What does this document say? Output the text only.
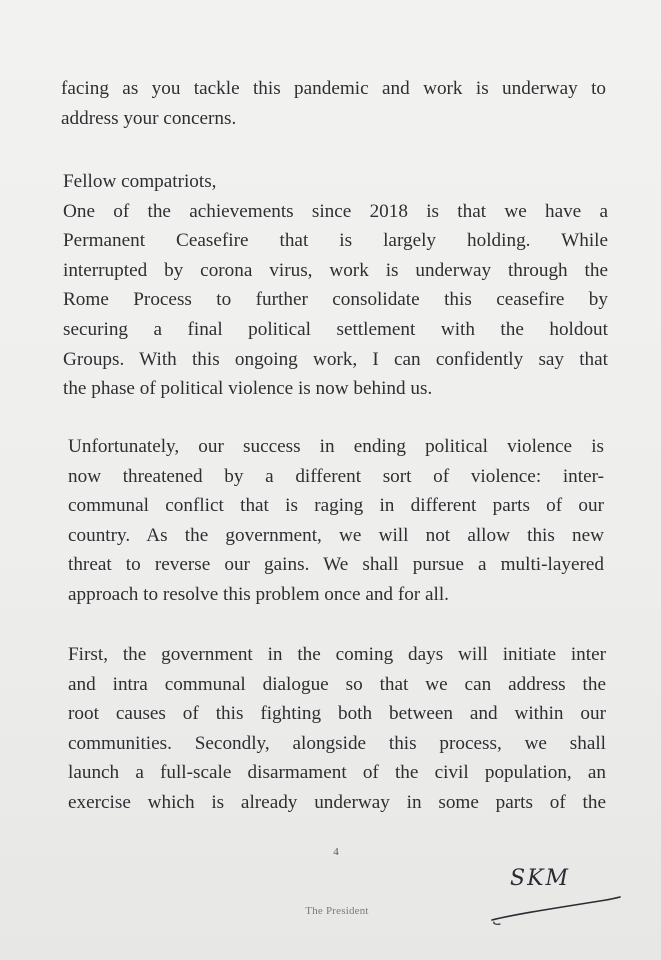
facing as you tackle this pandemic and work is underway to
address your concerns.
Fellow compatriots,
One of the achievements since 2018 is that we have a
Permanent Ceasefire that is largely holding. While
interrupted by corona virus, work is underway through the
Rome Process to further consolidate this ceasefire by
securing a final political settlement with the holdout
Groups. With this ongoing work, I can confidently say that
the phase of political violence is now behind us.
Unfortunately, our success in ending political violence is
now threatened by a different sort of violence: inter-
communal conflict that is raging in different parts of our
country. As the government, we will not allow this new
threat to reverse our gains. We shall pursue a multi-layered
approach to resolve this problem once and for all.
First, the government in the coming days will initiate inter
and intra communal dialogue so that we can address the
root causes of this fighting both between and within our
communities. Secondly, alongside this process, we shall
launch a full-scale disarmament of the civil population, an
exercise which is already underway in some parts of the
4
SKM
The President
